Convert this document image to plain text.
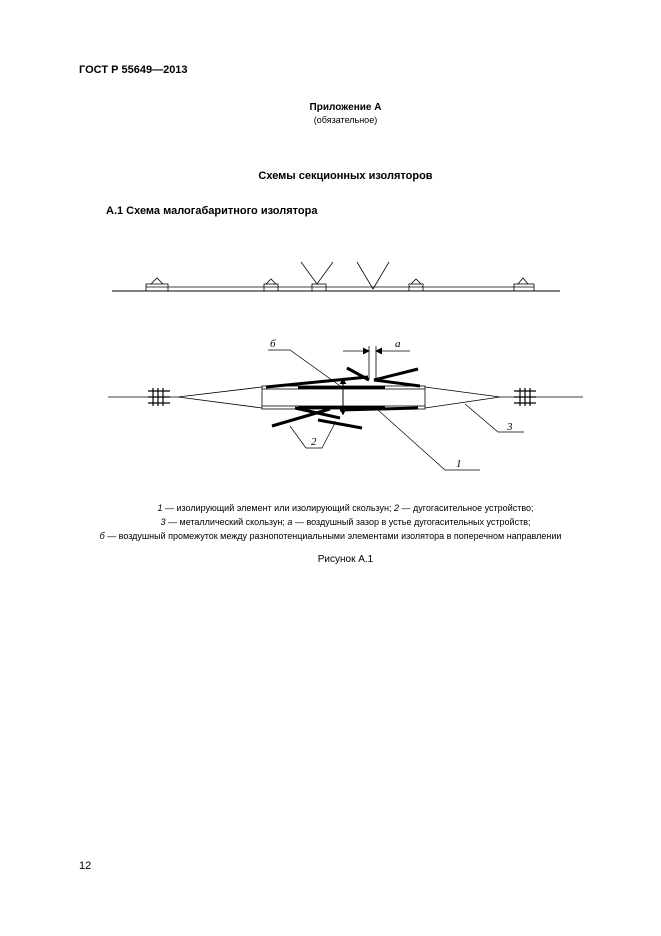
ГОСТ Р 55649—2013
Приложение А
(обязательное)
Схемы секционных изоляторов
А.1 Схема малогабаритного изолятора
б	а
1
2
3
1 — изолирующий элемент или изолирующий скользун; 2 — дугогасительное устройство;
3 — металлический скользун; а — воздушный зазор в устье дугогасительных устройств;
б — воздушный промежуток между разнопотенциальными элементами изолятора в поперечном направлении
Рисунок А.1
12
